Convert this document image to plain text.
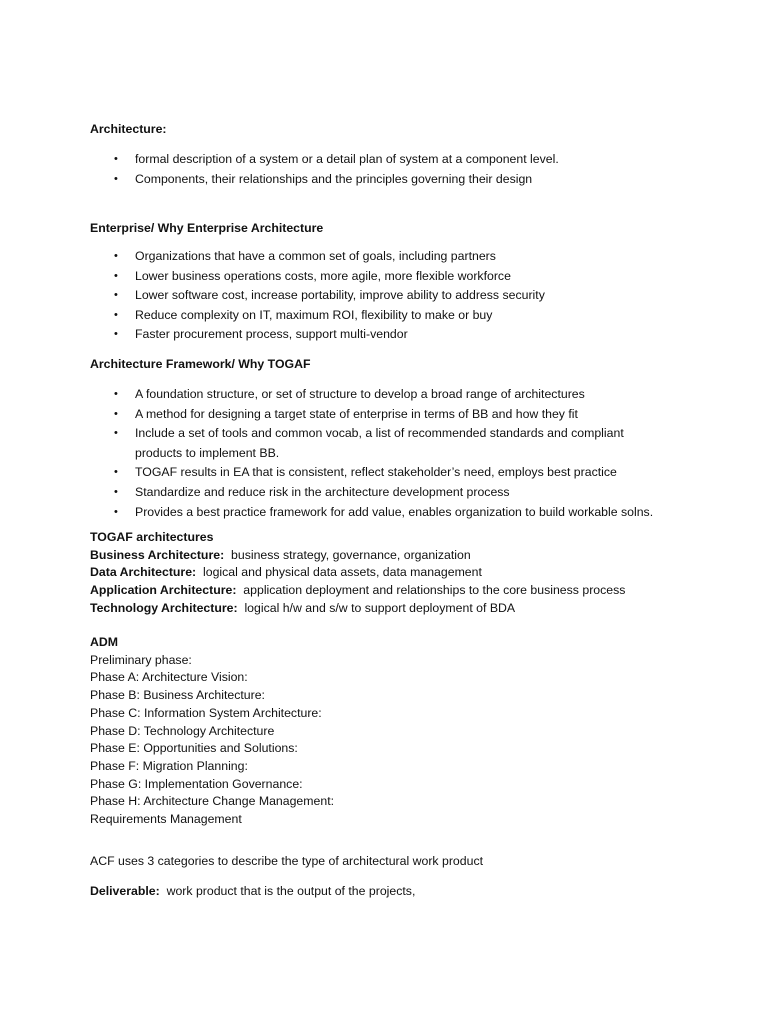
Architecture:
• formal description of a system or a detail plan of system at a component level.
• Components, their relationships and the principles governing their design
Enterprise/ Why Enterprise Architecture
• Organizations that have a common set of goals, including partners
• Lower business operations costs, more agile, more flexible workforce
• Lower software cost, increase portability, improve ability to address security
• Reduce complexity on IT, maximum ROI, flexibility to make or buy
• Faster procurement process, support multi-vendor
Architecture Framework/ Why TOGAF
• A foundation structure, or set of structure to develop a broad range of architectures
• A method for designing a target state of enterprise in terms of BB and how they fit
• Include a set of tools and common vocab, a list of recommended standards and compliant
products to implement BB.
• TOGAF results in EA that is consistent, reflect stakeholder’s need, employs best practice
• Standardize and reduce risk in the architecture development process
• Provides a best practice framework for add value, enables organization to build workable solns.
TOGAF architectures
Business Architecture: business strategy, governance, organization
Data Architecture: logical and physical data assets, data management
Application Architecture: application deployment and relationships to the core business process
Technology Architecture: logical h/w and s/w to support deployment of BDA
ADM
Preliminary phase:
Phase A: Architecture Vision:
Phase B: Business Architecture:
Phase C: Information System Architecture:
Phase D: Technology Architecture
Phase E: Opportunities and Solutions:
Phase F: Migration Planning:
Phase G: Implementation Governance:
Phase H: Architecture Change Management:
Requirements Management
ACF uses 3 categories to describe the type of architectural work product
Deliverable: work product that is the output of the projects,
